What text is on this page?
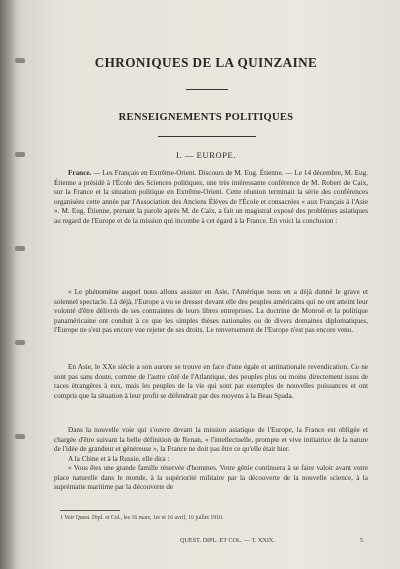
CHRONIQUES DE LA QUINZAINE
RENSEIGNEMENTS POLITIQUES
I. — EUROPE.

France. — Les Français en Extrême-Orient. Discours de M. Eug. Étienne. — Le 14 décembre, M. Eug. Étienne a présidé à l'École des Sciences politiques, une très intéressante conférence de M. Robert de Caix, sur la France et la situation politique en Extrême-Orient. Cette réunion terminait la série des conférences organisées cette année par l'Association des Anciens Élèves de l'École et consacrées « aux Français à l'Asie ». M. Eug. Étienne, prenant la parole après M. de Caix, a fait un magistral exposé des problèmes asiatiques au regard de l'Europe et de la mission qui incombe à cet égard à la France. En voici la conclusion :

« Le phénomène auquel nous allons assister en Asie, l'Amérique nous en a déjà donné le grave et solennel spectacle. Là déjà, l'Europe a vu se dresser devant elle des peuples américains qui ne ont atteint leur volonté d'être délivrés de ses contraintes de leurs libres entreprises. La doctrine de Monroë et la politique panaméricaine ont conduit à ce que les simples thèses nationales ou de divers domaines diplomatiques, l'Europe ne s'est pas encore vue rejeter de ses droits. Le renversement de l'Europe n'est pas encore venu.

En Asie, le XXe siècle a son aurore se trouve en face d'une égale et antinationale revendication. Ce ne sont pas sans doute, comme de l'autre côté de l'Atlantique, des peuples plus ou moins directement issus de races étrangères à eux, mais les peuples de la vie qui sont par exemples de nouvelles puissances et ont compris que la situation à leur profit se défendrait par des moyens à la Beau Spada.

Dans la nouvelle voie qui s'ouvre devant la mission asiatique de l'Europe, la France est obligée et chargée d'être suivant la belle définition de Renan, « l'intellectuelle, prompte et vive initiatrice de la nature de l'idée de grandeur et généreuse », la France ne doit pas être ce qu'elle était hier.

A la Chine et à la Russie, elle dira :

« Vous êtes une grande famille réservée d'hommes. Votre génie continuera à se faire valoir avant votre place naturelle dans le monde, à la supériorité militaire par la découverte de la nouvelle science, à la suprématie maritime par la découverte de

1 Voir Quest. Dipl. et Col., les 16 mars, 1er et 16 avril, 16 juillet 1910.
QUEST. DIPL. ET COL. — T. XXIX.	5
